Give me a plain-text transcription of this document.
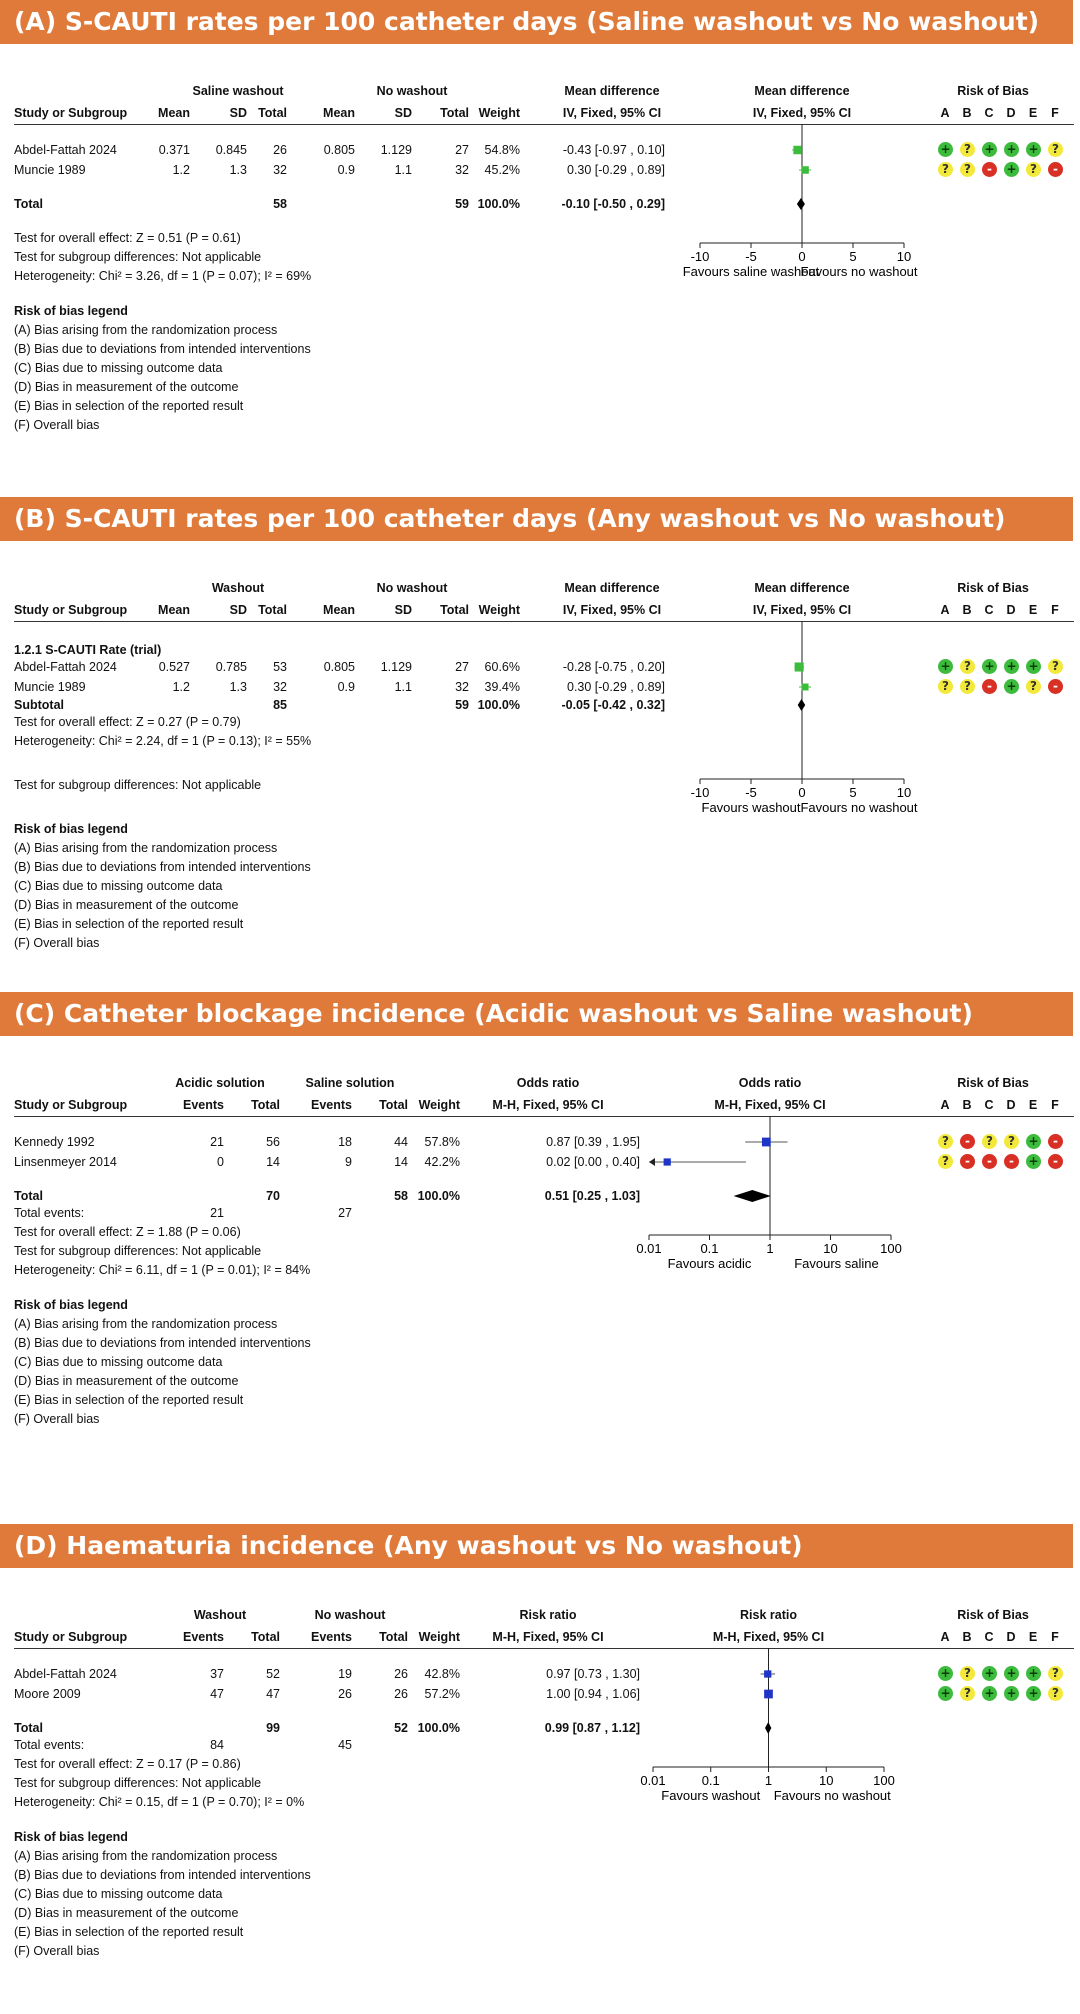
(A) S-CAUTI rates per 100 catheter days (Saline washout vs No washout)
Saline washout	No washout	Mean difference	Mean difference	Risk of Bias
Study or Subgroup Mean	SD Total	Mean	SD Total Weight	IV, Fixed, 95% CI	IV, Fixed, 95% CI	A	B	C	D	E	F
Abdel-Fattah 2024	0.371 0.845 26	0.805 1.129	27 54.8%	-0.43 [-0.97 , 0.10]	+	?	+ + +	?
Muncie 1989	1.2	1.3 32	0.9	1.1	32 45.2%	0.30 [-0.29 , 0.89]	?	?	-	+	?	-
Total	58	59 100.0%	-0.10 [-0.50 , 0.29]
Test for overall effect: Z = 0.51 (P = 0.61)
Test for subgroup differences: Not applicable
Heterogeneity: Chi² = 3.26, df = 1 (P = 0.07); I² = 69%
Risk of bias legend
(A) Bias arising from the randomization process
(B) Bias due to deviations from intended interventions
(C) Bias due to missing outcome data
(D) Bias in measurement of the outcome
(E) Bias in selection of the reported result
(F) Overall bias
-10	-5	0	5	10
Favours saline washout
Favours no washout
(B) S-CAUTI rates per 100 catheter days (Any washout vs No washout)
Washout	No washout	Mean difference	Mean difference	Risk of Bias
Study or Subgroup Mean	SD Total	Mean	SD Total Weight	IV, Fixed, 95% CI	IV, Fixed, 95% CI	A	B	C	D	E	F
1.2.1 S-CAUTI Rate (trial)
Abdel-Fattah 2024	0.527 0.785 53	0.805 1.129	27 60.6%	-0.28 [-0.75 , 0.20]	+	?	+ + +	?
Muncie 1989	1.2	1.3 32	0.9	1.1	32 39.4%	0.30 [-0.29 , 0.89]	?	?	-	+	?	-
Subtotal	85	59 100.0%	-0.05 [-0.42 , 0.32]
Test for overall effect: Z = 0.27 (P = 0.79)
Heterogeneity: Chi² = 2.24, df = 1 (P = 0.13); I² = 55%
Test for subgroup differences: Not applicable
Risk of bias legend
(A) Bias arising from the randomization process
(B) Bias due to deviations from intended interventions
(C) Bias due to missing outcome data
(D) Bias in measurement of the outcome
(E) Bias in selection of the reported result
(F) Overall bias
-10	-5	0	5	10
Favours washout Favours no washout
(C) Catheter blockage incidence (Acidic washout vs Saline washout)
Acidic solution	Saline solution	Odds ratio	Odds ratio	Risk of Bias
Study or Subgroup	Events Total Events Total Weight	M-H, Fixed, 95% CI	M-H, Fixed, 95% CI	A	B	C	D	E	F
Kennedy 1992	21	56	18	44 57.8%	0.87 [0.39 , 1.95]	?	-	?	?	+	-
Linsenmeyer 2014	0	14	9	14 42.2%	0.02 [0.00 , 0.40]	?	-	-	-	+	-
Total	70	58 100.0%	0.51 [0.25 , 1.03]
Total events:	21	27
Test for overall effect: Z = 1.88 (P = 0.06)
Test for subgroup differences: Not applicable
Heterogeneity: Chi² = 6.11, df = 1 (P = 0.01); I² = 84%
Risk of bias legend
(A) Bias arising from the randomization process
(B) Bias due to deviations from intended interventions
(C) Bias due to missing outcome data
(D) Bias in measurement of the outcome
(E) Bias in selection of the reported result
(F) Overall bias
0.01	0.1	1	10	100
Favours acidic	Favours saline
(D) Haematuria incidence (Any washout vs No washout)
Washout	No washout	Risk ratio	Risk ratio	Risk of Bias
Study or Subgroup	Events Total Events Total Weight	M-H, Fixed, 95% CI	M-H, Fixed, 95% CI	A	B	C	D	E	F
Abdel-Fattah 2024	37	52	19	26 42.8%	0.97 [0.73 , 1.30]	+	?	+ + +	?
Moore 2009	47	47	26	26 57.2%	1.00 [0.94 , 1.06]	+	?	+ + +	?
Total	99	52 100.0%	0.99 [0.87 , 1.12]
Total events:	84	45
Test for overall effect: Z = 0.17 (P = 0.86)
Test for subgroup differences: Not applicable
Heterogeneity: Chi² = 0.15, df = 1 (P = 0.70); I² = 0%
Risk of bias legend
(A) Bias arising from the randomization process
(B) Bias due to deviations from intended interventions
(C) Bias due to missing outcome data
(D) Bias in measurement of the outcome
(E) Bias in selection of the reported result
(F) Overall bias
0.01	0.1	1	10	100
Favours washout Favours no washout
